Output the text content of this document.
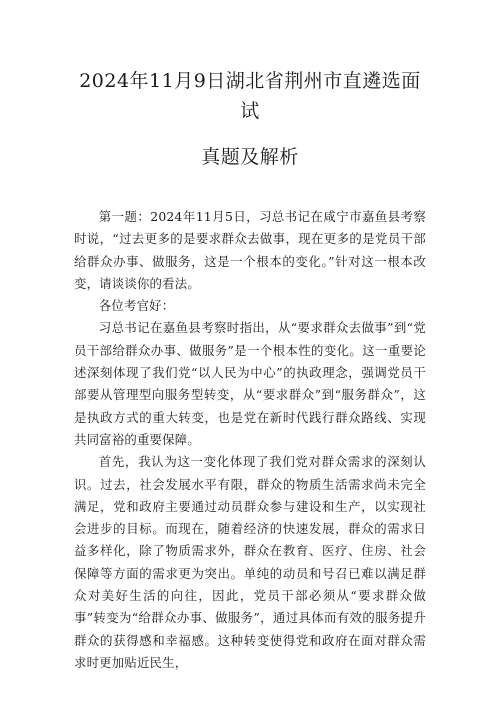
2024年11月9日湖北省荆州市直遴选面试
真题及解析

第一题：2024年11月5日，习总书记在咸宁市嘉鱼县考察时说，“过去更多的是要求群众去做事，现在更多的是党员干部给群众办事、做服务，这是一个根本的变化。”针对这一根本改变，请谈谈你的看法。

各位考官好：

习总书记在嘉鱼县考察时指出，从“要求群众去做事”到“党员干部给群众办事、做服务”是一个根本性的变化。这一重要论述深刻体现了我们党“以人民为中心”的执政理念，强调党员干部要从管理型向服务型转变，从“要求群众”到“服务群众”，这是执政方式的重大转变，也是党在新时代践行群众路线、实现共同富裕的重要保障。

首先，我认为这一变化体现了我们党对群众需求的深刻认识。过去，社会发展水平有限，群众的物质生活需求尚未完全满足，党和政府主要通过动员群众参与建设和生产，以实现社会进步的目标。而现在，随着经济的快速发展，群众的需求日益多样化，除了物质需求外，群众在教育、医疗、住房、社会保障等方面的需求更为突出。单纯的动员和号召已难以满足群众对美好生活的向往，因此，党员干部必须从“要求群众做事”转变为“给群众办事、做服务”，通过具体而有效的服务提升群众的获得感和幸福感。这种转变使得党和政府在面对群众需求时更加贴近民生，
